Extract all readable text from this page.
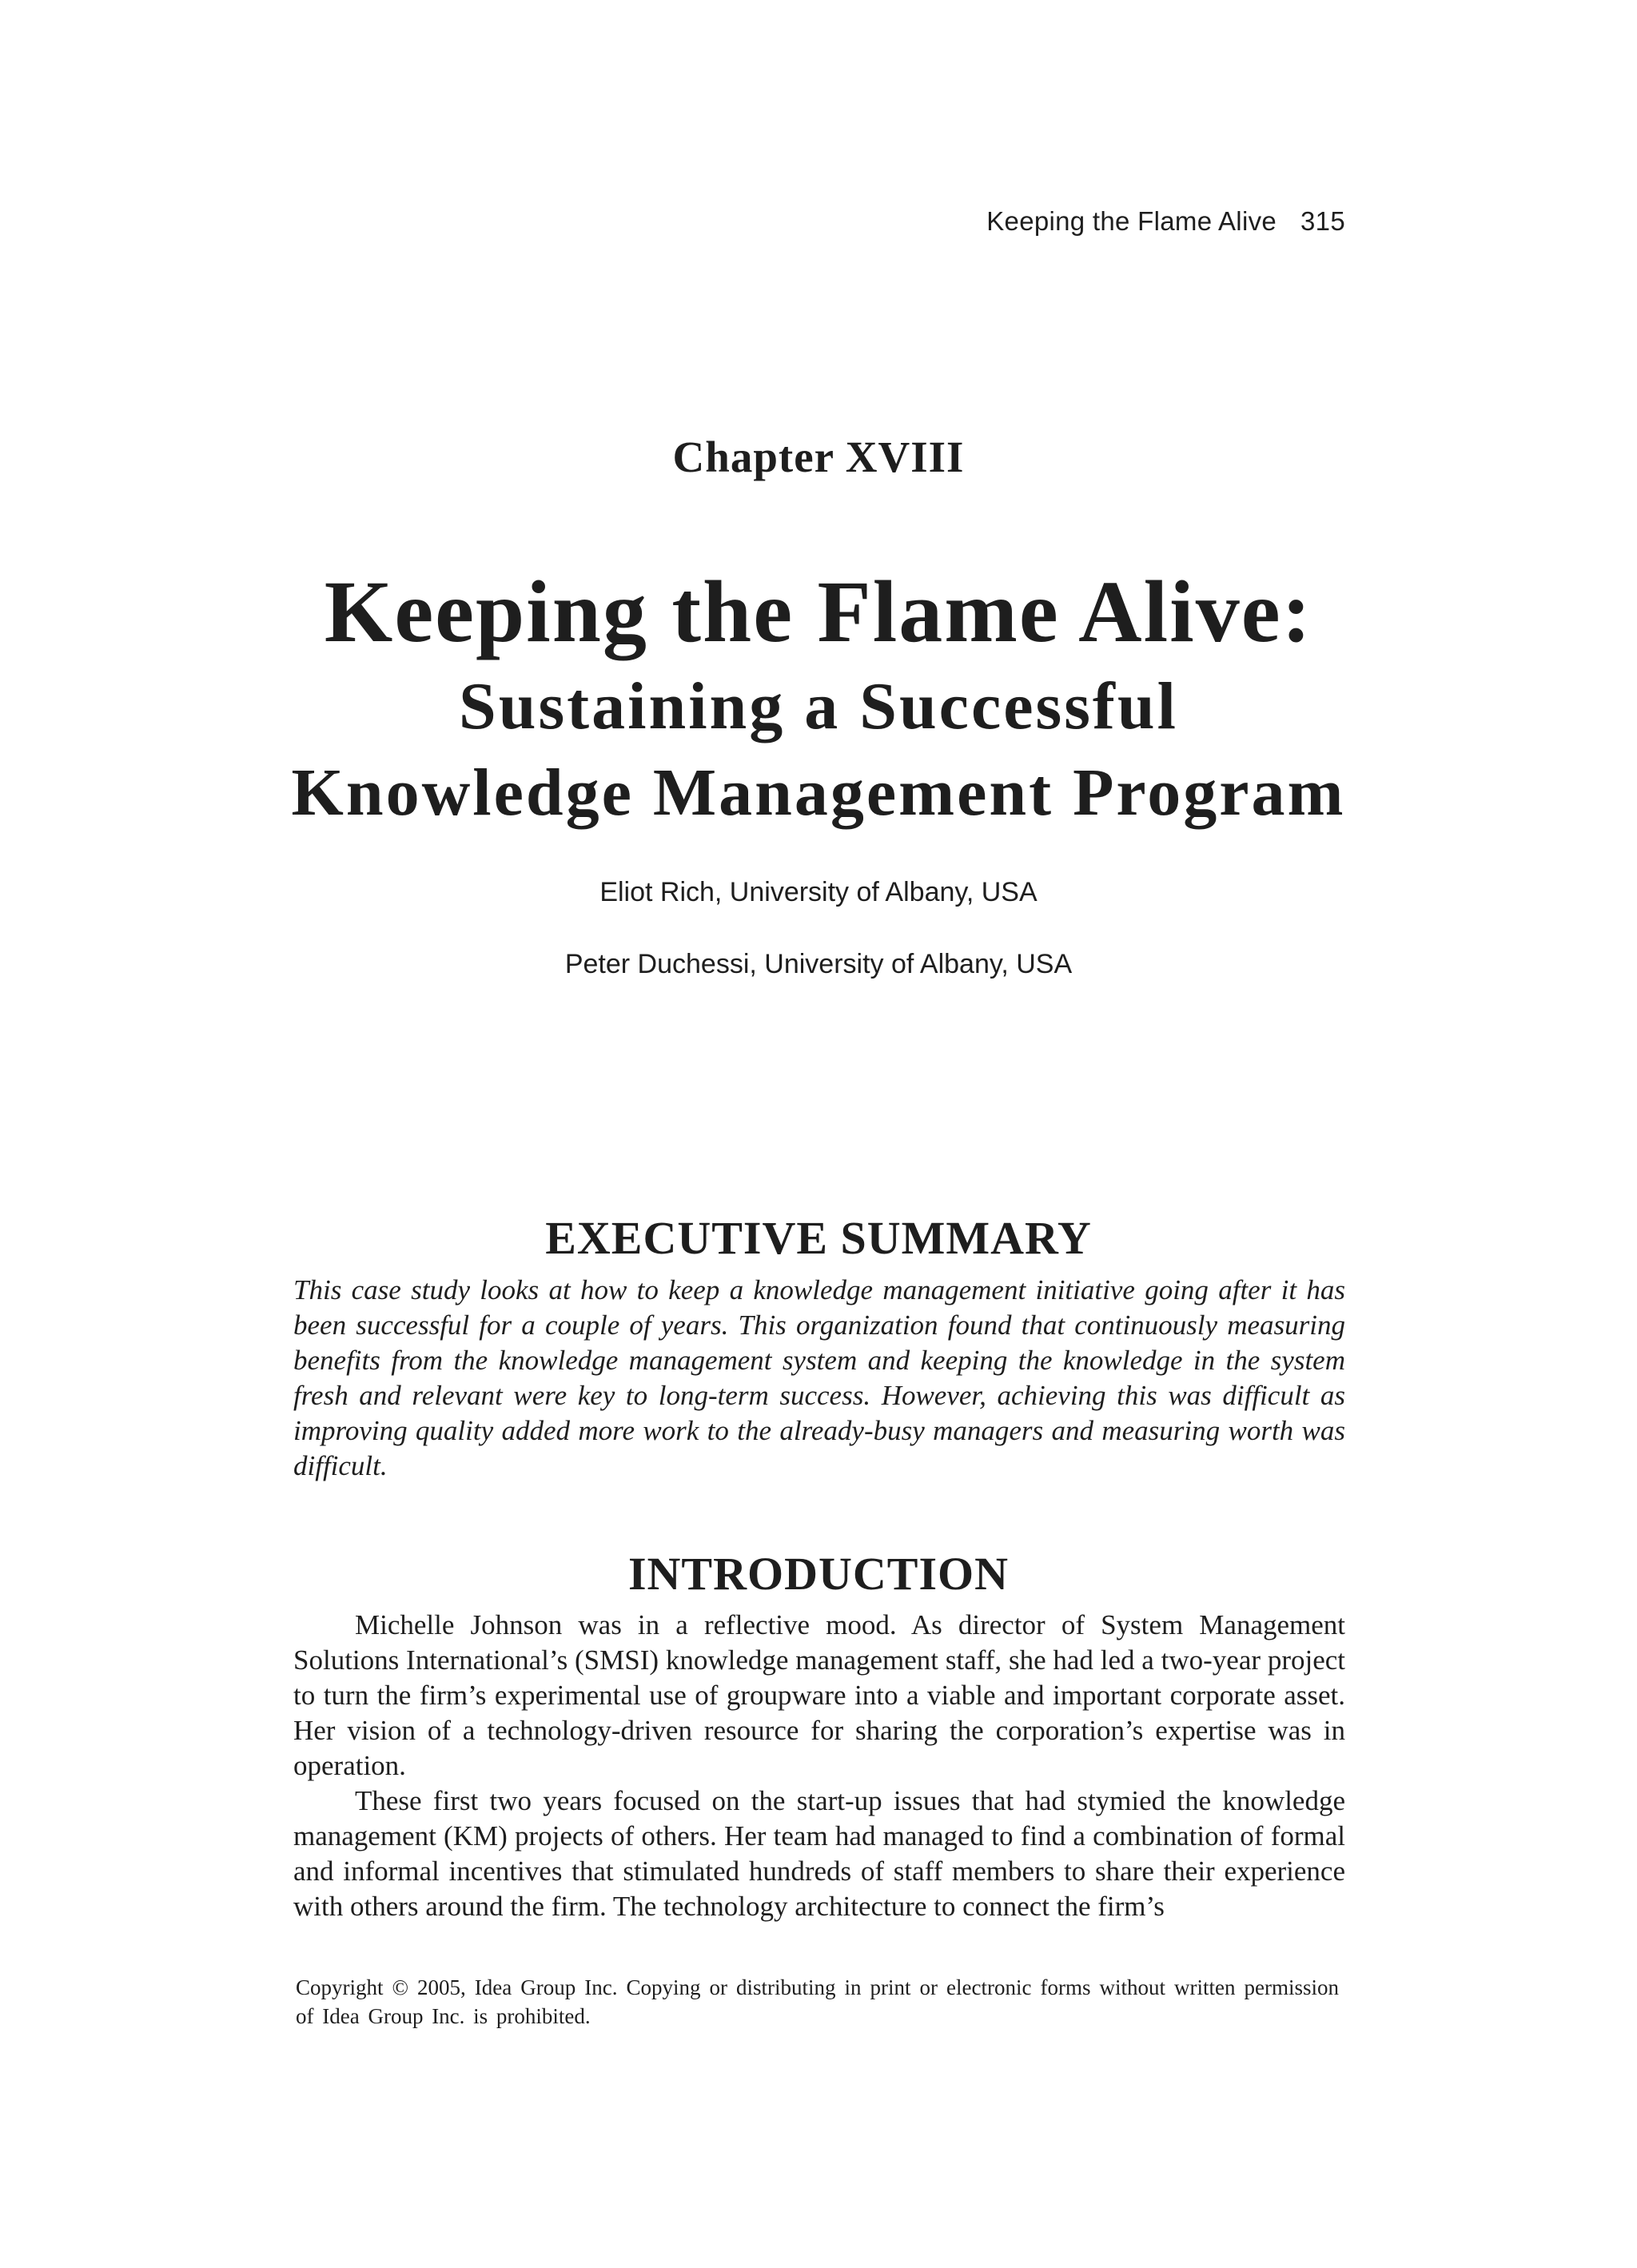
Keeping the Flame Alive 315
Chapter XVIII
Keeping the Flame Alive:
Sustaining a Successful
Knowledge Management Program
Eliot Rich, University of Albany, USA
Peter Duchessi, University of Albany, USA
EXECUTIVE SUMMARY
This case study looks at how to keep a knowledge management initiative going after it has been successful for a couple of years. This organization found that continuously measuring benefits from the knowledge management system and keeping the knowledge in the system fresh and relevant were key to long-term success. However, achieving this was difficult as improving quality added more work to the already-busy managers and measuring worth was difficult.
INTRODUCTION

Michelle Johnson was in a reflective mood. As director of System Management Solutions International’s (SMSI) knowledge management staff, she had led a two-year project to turn the firm’s experimental use of groupware into a viable and important corporate asset. Her vision of a technology-driven resource for sharing the corporation’s expertise was in operation.

These first two years focused on the start-up issues that had stymied the knowledge management (KM) projects of others. Her team had managed to find a combination of formal and informal incentives that stimulated hundreds of staff members to share their experience with others around the firm. The technology architecture to connect the firm’s

Copyright © 2005, Idea Group Inc. Copying or distributing in print or electronic forms without written permission of Idea Group Inc. is prohibited.
